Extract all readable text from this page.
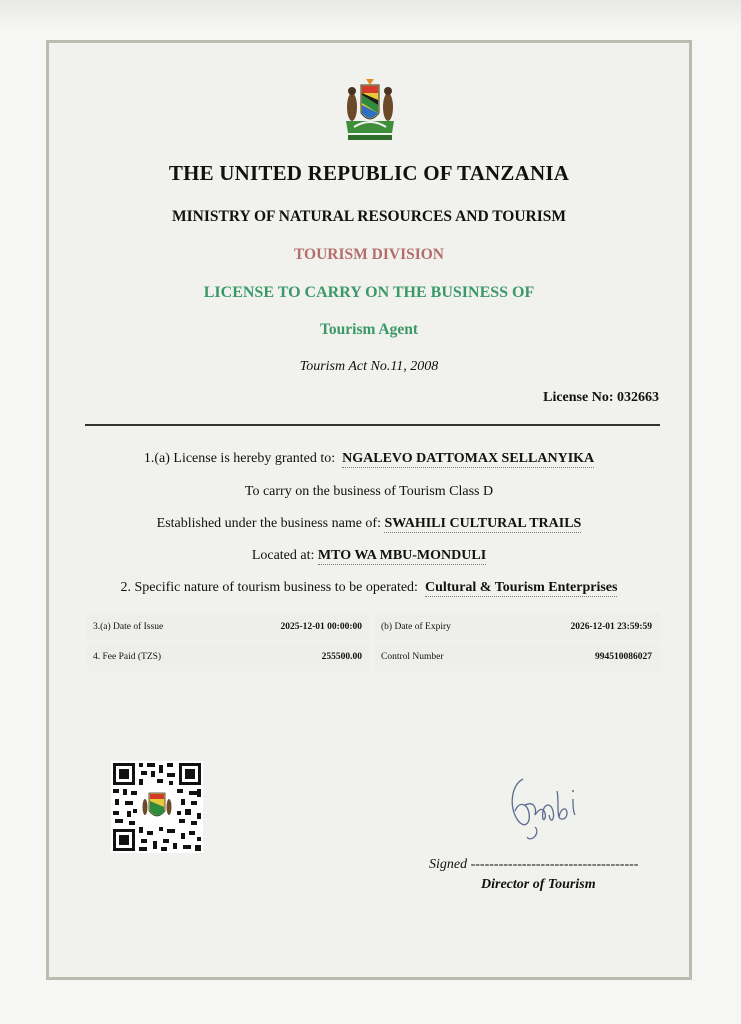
THE UNITED REPUBLIC OF TANZANIA
MINISTRY OF NATURAL RESOURCES AND TOURISM
TOURISM DIVISION
LICENSE TO CARRY ON THE BUSINESS OF
Tourism Agent
Tourism Act No.11, 2008
License No: 032663
1.(a) License is hereby granted to: NGALEVO DATTOMAX SELLANYIKA
To carry on the business of Tourism Class D
Established under the business name of: SWAHILI CULTURAL TRAILS
Located at: MTO WA MBU-MONDULI
2. Specific nature of tourism business to be operated: Cultural & Tourism Enterprises
3.(a) Date of Issue	2025-12-01 00:00:00 (b) Date of Expiry	2026-12-01 23:59:59
4. Fee Paid (TZS)	255500.00 Control Number	994510086027
Signed ------------------------------------
Director of Tourism
